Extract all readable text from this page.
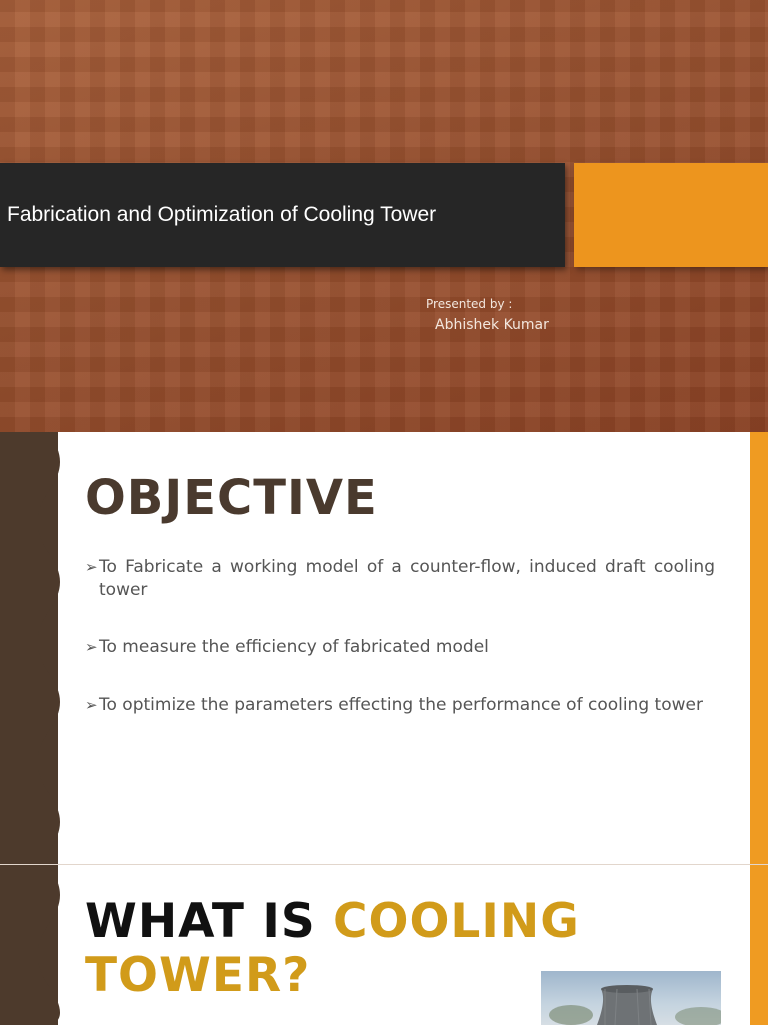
Fabrication and Optimization of Cooling Tower
Presented by :
Abhishek Kumar
OBJECTIVE
➢ To Fabricate a working model of a counter-flow, induced draft cooling tower
➢ To measure the efficiency of fabricated model
➢ To optimize the parameters effecting the performance of cooling tower
WHAT IS COOLING TOWER?
